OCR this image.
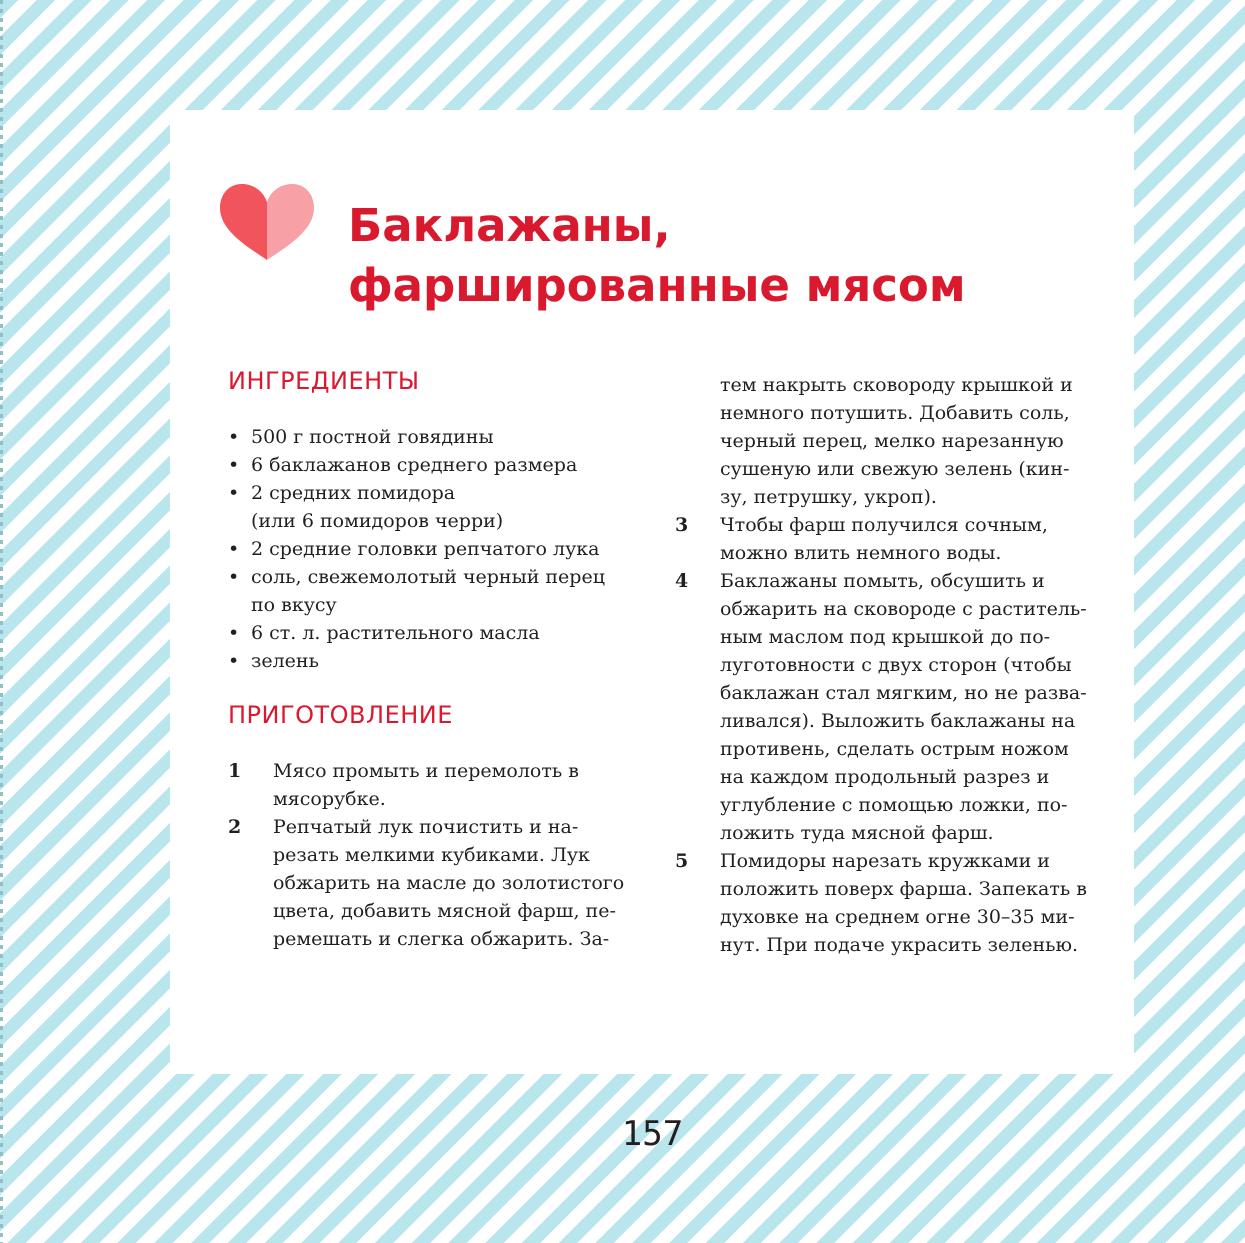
Баклажаны,
фаршированные мясом
ИНГРЕДИЕНТЫ
• 500 г постной говядины
• 6 баклажанов среднего размера
• 2 средних помидора
(или 6 помидоров черри)
• 2 средние головки репчатого лука
• соль, свежемолотый черный перец
по вкусу
• 6 ст. л. растительного масла
• зелень
ПРИГОТОВЛЕНИЕ
1 Мясо промыть и перемолоть в
мясорубке.
2 Репчатый лук почистить и на-
резать мелкими кубиками. Лук
обжарить на масле до золотистого
цвета, добавить мясной фарш, пе-
ремешать и слегка обжарить. За-
тем накрыть сковороду крышкой и
немного потушить. Добавить соль,
черный перец, мелко нарезанную
сушеную или свежую зелень (кин-
зу, петрушку, укроп).
3 Чтобы фарш получился сочным,
можно влить немного воды.
4 Баклажаны помыть, обсушить и
обжарить на сковороде с раститель-
ным маслом под крышкой до по-
луготовности с двух сторон (чтобы
баклажан стал мягким, но не разва-
ливался). Выложить баклажаны на
противень, сделать острым ножом
на каждом продольный разрез и
углубление с помощью ложки, по-
ложить туда мясной фарш.
5 Помидоры нарезать кружками и
положить поверх фарша. Запекать в
духовке на среднем огне 30–35 ми-
нут. При подаче украсить зеленью.
157
